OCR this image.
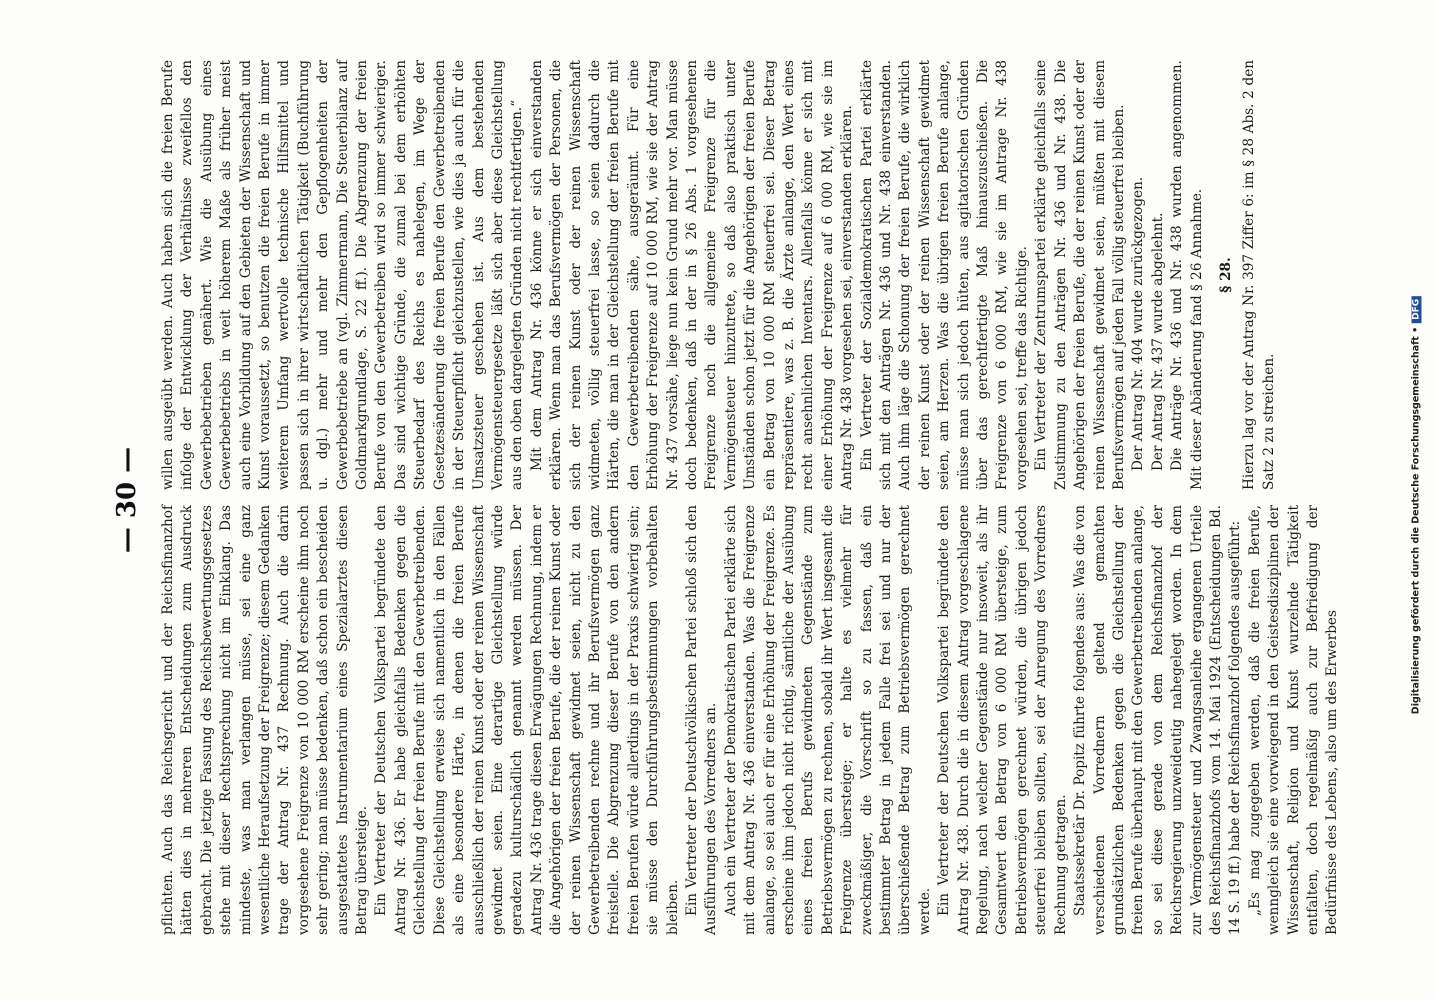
— 30 —

pflichten. Auch das Reichsgericht und der Reichsfinanzhof hätten dies in mehreren Entscheidungen zum Ausdruck gebracht. Die jetzige Fassung des Reichsbewertungsgesetzes stehe mit dieser Rechtsprechung nicht im Einklang. Das mindeste, was man verlangen müsse, sei eine ganz wesentliche Heraufsetzung der Freigrenze; diesem Gedanken trage der Antrag Nr. 437 Rechnung. Auch die darin vorgesehene Freigrenze von 10 000 RM erscheine ihm noch sehr gering; man müsse bedenken, daß schon ein bescheiden ausgestattetes Instrumentarium eines Spezialarztes diesen Betrag übersteige. Ein Vertreter der Deutschen Volkspartei begründete den Antrag Nr. 436. Er habe gleichfalls Bedenken gegen die Gleichstellung der freien Berufe mit den Gewerbetreibenden. Diese Gleichstellung erweise sich namentlich in den Fällen als eine besondere Härte, in denen die freien Berufe ausschließlich der reinen Kunst oder der reinen Wissenschaft gewidmet seien. Eine derartige Gleichstellung würde geradezu kulturschädlich genannt werden müssen. Der Antrag Nr. 436 trage diesen Erwägungen Rechnung, indem er die Angehörigen der freien Berufe, die der reinen Kunst oder der reinen Wissenschaft gewidmet seien, nicht zu den Gewerbetreibenden rechne und ihr Berufsvermögen ganz freistelle. Die Abgrenzung dieser Berufe von den andern freien Berufen würde allerdings in der Praxis schwierig sein; sie müsse den Durchführungsbestimmungen vorbehalten bleiben. Ein Vertreter der Deutschvölkischen Partei schloß sich den Ausführungen des Vorredners an. Auch ein Vertreter der Demokratischen Partei erklärte sich mit dem Antrag Nr. 436 einverstanden. Was die Freigrenze anlange, so sei auch er für eine Erhöhung der Freigrenze. Es erscheine ihm jedoch nicht richtig, sämtliche der Ausübung eines freien Berufs gewidmeten Gegenstände zum Betriebsvermögen zu rechnen, sobald ihr Wert insgesamt die Freigrenze übersteige; er halte es vielmehr für zweckmäßiger, die Vorschrift so zu fassen, daß ein bestimmter Betrag in jedem Falle frei sei und nur der überschießende Betrag zum Betriebsvermögen gerechnet werde. Ein Vertreter der Deutschen Volkspartei begründete den Antrag Nr. 438. Durch die in diesem Antrag vorgeschlagene Regelung, nach welcher Gegenstände nur insoweit, als ihr Gesamtwert den Betrag von 6 000 RM übersteige, zum Betriebsvermögen gerechnet würden, die übrigen jedoch steuerfrei bleiben sollten, sei der Anregung des Vorredners Rechnung getragen. Staatssekretär Dr. Popitz führte folgendes aus: Was die von verschiedenen Vorrednern geltend gemachten grundsätzlichen Bedenken gegen die Gleichstellung der freien Berufe überhaupt mit den Gewerbetreibenden anlange, so sei diese gerade von dem Reichsfinanzhof der Reichsregierung unzweideutig nahegelegt worden. In dem zur Vermögensteuer und Zwangsanleihe ergangenen Urteile des Reichsfinanzhofs vom 14. Mai 1924 (Entscheidungen Bd. 14 S. 19 ff.) habe der Reichsfinanzhof folgendes ausgeführt: „Es mag zugegeben werden, daß die freien Berufe, wenngleich sie eine vorwiegend in den Geistesdisziplinen der Wissenschaft, Religion und Kunst wurzelnde Tätigkeit entfalten, doch regelmäßig auch zur Befriedigung der Bedürfnisse des Lebens, also um des Erwerbes

willen ausgeübt werden. Auch haben sich die freien Berufe infolge der Entwicklung der Verhältnisse zweifellos den Gewerbebetrieben genähert. Wie die Ausübung eines Gewerbebetriebs in weit höherem Maße als früher meist auch eine Vorbildung auf den Gebieten der Wissenschaft und Kunst voraussetzt, so benutzen die freien Berufe in immer weiterem Umfang wertvolle technische Hilfsmittel und passen sich in ihrer wirtschaftlichen Tätigkeit (Buchführung u. dgl.) mehr und mehr den Gepflogenheiten der Gewerbebetriebe an (vgl. Zimmermann, Die Steuerbilanz auf Goldmarkgrundlage, S. 22 ff.). Die Abgrenzung der freien Berufe von den Gewerbetreiben wird so immer schwieriger. Das sind wichtige Gründe, die zumal bei dem erhöhten Steuerbedarf des Reichs es nahelegen, im Wege der Gesetzesänderung die freien Berufe den Gewerbetreibenden in der Steuerpflicht gleichzustellen, wie dies ja auch für die Umsatzsteuer geschehen ist. Aus dem bestehenden Vermögensteuergesetze läßt sich aber diese Gleichstellung aus den oben dargelegten Gründen nicht rechtfertigen.“ Mit dem Antrag Nr. 436 könne er sich einverstanden erklären. Wenn man das Berufsvermögen der Personen, die sich der reinen Kunst oder der reinen Wissenschaft widmeten, völlig steuerfrei lasse, so seien dadurch die Härten, die man in der Gleichstellung der freien Berufe mit den Gewerbetreibenden sähe, ausgeräumt. Für eine Erhöhung der Freigrenze auf 10 000 RM, wie sie der Antrag Nr. 437 vorsähe, liege nun kein Grund mehr vor. Man müsse doch bedenken, daß in der in § 26 Abs. 1 vorgesehenen Freigrenze noch die allgemeine Freigrenze für die Vermögensteuer hinzutrete, so daß also praktisch unter Umständen schon jetzt für die Angehörigen der freien Berufe ein Betrag von 10 000 RM steuerfrei sei. Dieser Betrag repräsentiere, was z. B. die Ärzte anlange, den Wert eines recht ansehnlichen Inventars. Allenfalls könne er sich mit einer Erhöhung der Freigrenze auf 6 000 RM, wie sie im Antrag Nr. 438 vorgesehen sei, einverstanden erklären. Ein Vertreter der Sozialdemokratischen Partei erklärte sich mit den Anträgen Nr. 436 und Nr. 438 einverstanden. Auch ihm läge die Schonung der freien Berufe, die wirklich der reinen Kunst oder der reinen Wissenschaft gewidmet seien, am Herzen. Was die übrigen freien Berufe anlange, müsse man sich jedoch hüten, aus agitatorischen Gründen über das gerechtfertigte Maß hinauszuschießen. Die Freigrenze von 6 000 RM, wie sie im Antrage Nr. 438 vorgesehen sei, treffe das Richtige. Ein Vertreter der Zentrumspartei erklärte gleichfalls seine Zustimmung zu den Anträgen Nr. 436 und Nr. 438. Die Angehörigen der freien Berufe, die der reinen Kunst oder der reinen Wissenschaft gewidmet seien, müßten mit diesem Berufsvermögen auf jeden Fall völlig steuerfrei bleiben. Der Antrag Nr. 404 wurde zurückgezogen. Der Antrag Nr. 437 wurde abgelehnt. Die Anträge Nr. 436 und Nr. 438 wurden angenommen. Mit dieser Abänderung fand § 26 Annahme. § 28. Hierzu lag vor der Antrag Nr. 397 Ziffer 6: im § 28 Abs. 2 den Satz 2 zu streichen.	Digitalisierung gefördert durch die Deutsche Forschungsgemeinschaft •DFG
